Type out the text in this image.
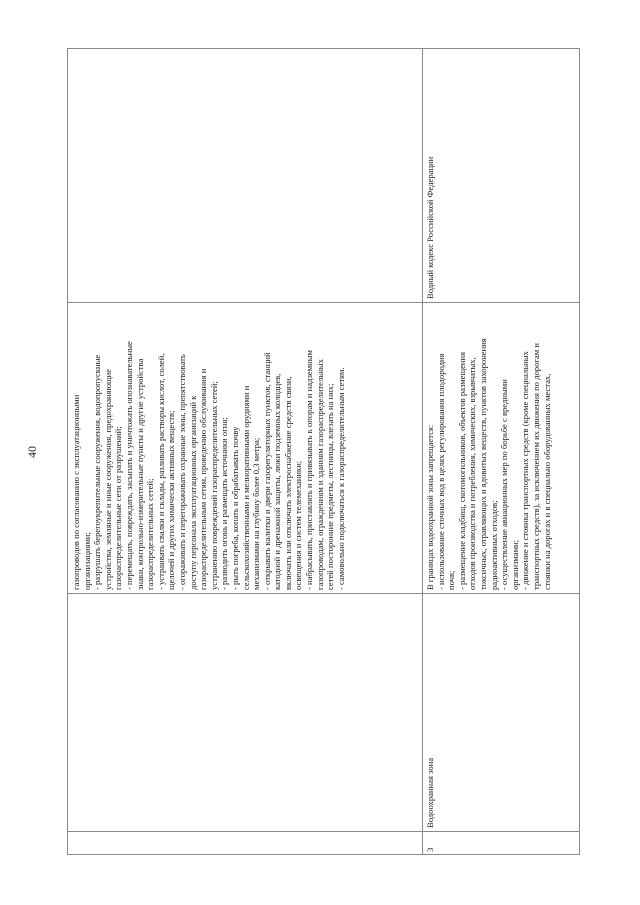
40	газопроводов по согласованию с эксплуатационными организациями; - разрушать берегоукрепительные сооружения, водопропускные устройства, земляные и иные сооружения, предохраняющие газораспределительные сети от разрушений; - перемещать, повреждать, засыпать и уничтожать опознавательные знаки, контрольно-измерительные пункты и другие устройства газораспределительных сетей; - устраивать свалки и склады, разливать растворы кислот, солей, щелочей и других химически активных веществ; - огораживать и перегораживать охранные зоны, препятствовать доступу персонала эксплуатационных организаций к газораспределительным сетям, проведению обслуживания и устранению повреждений газораспределительных сетей; - разводить огонь и размещать источники огня; - рыть погреба, копать и обрабатывать почву сельскохозяйственными и мелиоративными орудиями и механизмами на глубину более 0,3 метра; - открывать калитки и двери газорегуляторных пунктов, станций катодной и дренажной защиты, люки подземных колодцев, включать или отключать электроснабжение средств связи, освещения и систем телемеханики; - набрасывать, приставлять и привязывать к опорам и надземным газопроводам, ограждениям и зданиям газораспределительных сетей посторонние предметы, лестницы, влезать на них; - самовольно подключаться к газораспределительным сетям.
3
Водоохранная зона
В границах водоохранной зоны запрещается: - использование сточных вод в целях регулирования плодородия почв; - размещение кладбищ, скотомогильников, объектов размещения отходов производства и потребления, химических, взрывчатых, токсичных, отравляющих и ядовитых веществ, пунктов захоронения радиоактивных отходов; - осуществление авиационных мер по борьбе с вредными организмами; - движение и стоянка транспортных средств (кроме специальных транспортных средств), за исключением их движения по дорогам и стоянки на дорогах и в специально оборудованных местах,
Водный кодекс Российской Федерации
